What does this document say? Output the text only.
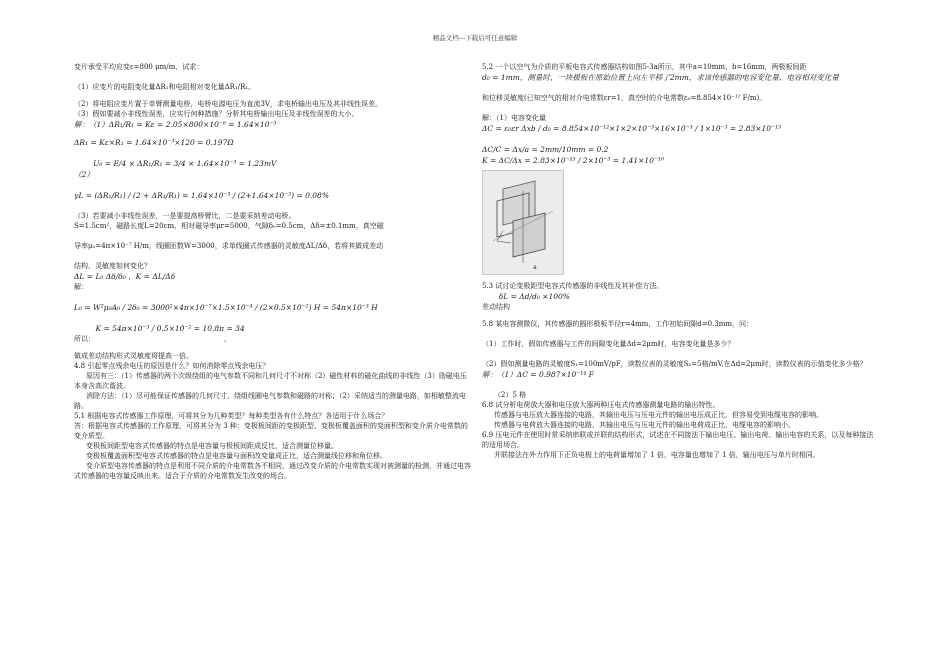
精品文档---下载后可任意编辑

变片承受平均应变ε=800 μm/m，试求：

（1）应变片的电阻变化量ΔR₁和电阻相对变化量ΔR₁/R₁。

（2）将电阻应变片置于单臂测量电桥，电桥电源电压为直流3V，求电桥输出电压及其非线性误差。

（3）假如要减小非线性误差，应实行何种措施？分析其电桥输出电压及非线性误差的大小。

解：（1）ΔR₁/R₁ = Kε = 2.05×800×10⁻⁶ = 1.64×10⁻³

ΔR₁ = Kε×R₁ = 1.64×10⁻³×120 = 0.197Ω

U₀ = E/4 × ΔR₁/R₁ = 3/4 × 1.64×10⁻³ = 1.23mV

（2）

γL = (ΔR₁/R₁) / (2 + ΔR₁/R₁) = 1.64×10⁻³ / (2+1.64×10⁻³) = 0.08%

（3）若要减小非线性误差，一是要提高桥臂比，二是要采纳差动电桥。

S=1.5cm²，磁路长度L=20cm，相对磁导率μr=5000，气隙δ₀=0.5cm，Δδ=±0.1mm，真空磁

导率μ₀=4π×10⁻⁷ H/m，线圈匝数W=3000，求单线圈式传感器的灵敏度ΔL/Δδ，若将其做成差动

结构，灵敏度如何变化？

ΔL = L₀ Δδ/δ₀ ，K = ΔL/Δδ

解：

L₀ = W²μ₀A₀ / 2δ₀ = 3000²×4π×10⁻⁷×1.5×10⁻⁴ / (2×0.5×10⁻²) H = 54π×10⁻³ H

K = 54π×10⁻³ / 0.5×10⁻² = 10.8π = 34

所以：                                                          ，

做成差动结构形式灵敏度将提高一倍。

4.8 引起零点残余电压的原因是什么？如何消除零点残余电压？

原因有三：（1）传感器的两个次级绕组的电气参数不同和几何尺寸不对称（2）磁性材料的磁化曲线的非线性（3）励磁电压本身含高次谐波。

消除方法：（1）尽可能保证传感器的几何尺寸、绕组线圈电气参数和磁路的对称；（2）采纳适当的测量电路，如相敏整流电路。

5.1 根据电容式传感器工作原理，可将其分为几种类型？每种类型各有什么特点？各适用于什么场合？

答：根据电容式传感器的工作原理，可将其分为 3 种：变极板间距的变极距型、变极板覆盖面积的变面积型和变介质介电常数的变介质型。

变极板间距型电容式传感器的特点是电容量与极板间距成反比，适合测量位移量。

变极板覆盖面积型电容式传感器的特点是电容量与面积改变量成正比，适合测量线位移和角位移。

变介质型电容传感器的特点是利用不同介质的介电常数各不相同，通过改变介质的介电常数实现对被测量的检测，并通过电容式传感器的电容量反映出来。适合于介质的介电常数发生改变的场合。

5.2 一个以空气为介质的平板电容式传感器结构如图5-3a所示，其中a=10mm、b=16mm，两极板间距

d₀ = 1mm，测量时，一块极板在原始位置上向左平移了2mm，求该传感器的电容变化量、电容相对变化量

和位移灵敏度(已知空气的相对介电常数εr=1，真空时的介电常数ε₀=8.854×10⁻¹² F/m)。

解：（1）电容变化量

ΔC = ε₀εr Δxb / d₀ = 8.854×10⁻¹²×1×2×10⁻³×16×10⁻³ / 1×10⁻³ = 2.83×10⁻¹³

ΔC/C = Δx/a = 2mm/10mm = 0.2

K = ΔC/Δx = 2.83×10⁻¹³ / 2×10⁻³ = 1.41×10⁻¹⁰

a

5.3 试讨论变极距型电容式传感器的非线性及其补偿方法。

δL = Δd/d₀ ×100%

差动结构

5.8 某电容测微仪，其传感器的圆形极板半径r=4mm，工作初始间隙d=0.3mm，问：

（1）工作时，假如传感器与工件的间隙变化量Δd=2μm时，电容变化量是多少？

（2）假如测量电路的灵敏度S₁=100mV/pF，读数仪表的灵敏度S₂=5格/mV,在Δd=2μm时，读数仪表的示值变化多少格？

解：（1）ΔC = 0.987×10⁻¹⁴ F

（2）5 格

6.8 试分析电荷放大器和电压放大器两种压电式传感器测量电路的输出特性。

传感器与电压放大器连接的电路，其输出电压与压电元件的输出电压成正比，但容易受到电缆电容的影响。

传感器与电荷放大器连接的电路，其输出电压与压电元件的输出电荷成正比，电缆电容的影响小。

6.9 压电元件在使用时常采纳串联或并联的结构形式，试述在不同接法下输出电压、输出电荷、输出电容的关系，以及每种接法的适用场合。

并联接法在外力作用下正负电极上的电荷量增加了 1 倍，电容量也增加了 1 倍，输出电压与单片时相同。
